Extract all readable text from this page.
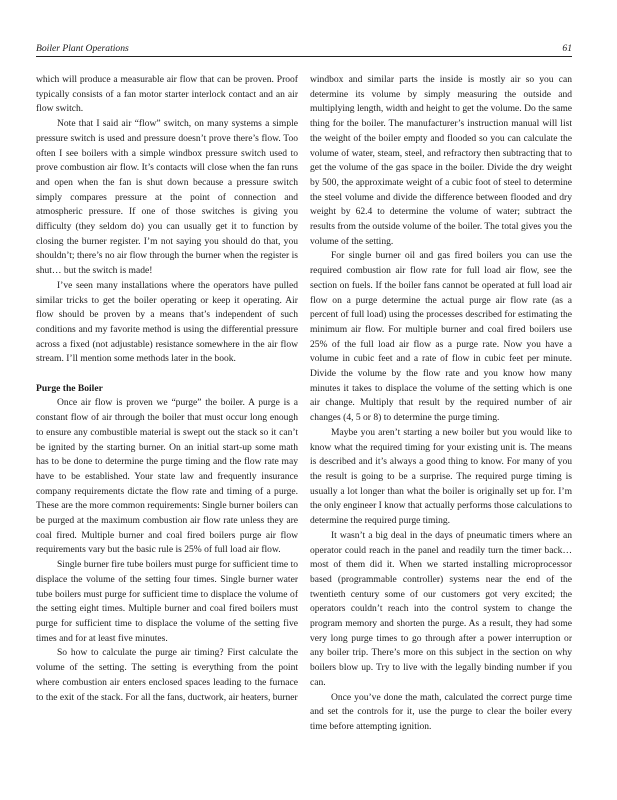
Boiler Plant Operations	61

which will produce a measurable air flow that can be proven. Proof typically consists of a fan motor starter interlock contact and an air flow switch.

Note that I said air “flow” switch, on many systems a simple pressure switch is used and pressure doesn’t prove there’s flow. Too often I see boilers with a simple windbox pressure switch used to prove combustion air flow. It’s contacts will close when the fan runs and open when the fan is shut down because a pressure switch simply compares pressure at the point of connection and atmospheric pressure. If one of those switches is giving you difficulty (they seldom do) you can usually get it to function by closing the burner register. I’m not saying you should do that, you shouldn’t; there’s no air flow through the burner when the register is shut… but the switch is made!

I’ve seen many installations where the operators have pulled similar tricks to get the boiler operating or keep it operating. Air flow should be proven by a means that’s independent of such conditions and my favorite method is using the differential pressure across a fixed (not adjustable) resistance somewhere in the air flow stream. I’ll mention some methods later in the book.

Purge the Boiler

Once air flow is proven we “purge” the boiler. A purge is a constant flow of air through the boiler that must occur long enough to ensure any combustible material is swept out the stack so it can’t be ignited by the starting burner. On an initial start-up some math has to be done to determine the purge timing and the flow rate may have to be established. Your state law and frequently insurance company requirements dictate the flow rate and timing of a purge. These are the more common requirements: Single burner boilers can be purged at the maximum combustion air flow rate unless they are coal fired. Multiple burner and coal fired boilers purge air flow requirements vary but the basic rule is 25% of full load air flow.

Single burner fire tube boilers must purge for sufficient time to displace the volume of the setting four times. Single burner water tube boilers must purge for sufficient time to displace the volume of the setting eight times. Multiple burner and coal fired boilers must purge for sufficient time to displace the volume of the setting five times and for at least five minutes.

So how to calculate the purge air timing? First calculate the volume of the setting. The setting is everything from the point where combustion air enters enclosed spaces leading to the furnace to the exit of the stack. For all the fans, ductwork, air heaters, burner

windbox and similar parts the inside is mostly air so you can determine its volume by simply measuring the outside and multiplying length, width and height to get the volume. Do the same thing for the boiler. The manufacturer’s instruction manual will list the weight of the boiler empty and flooded so you can calculate the volume of water, steam, steel, and refractory then subtracting that to get the volume of the gas space in the boiler. Divide the dry weight by 500, the approximate weight of a cubic foot of steel to determine the steel volume and divide the difference between flooded and dry weight by 62.4 to determine the volume of water; subtract the results from the outside volume of the boiler. The total gives you the volume of the setting.

For single burner oil and gas fired boilers you can use the required combustion air flow rate for full load air flow, see the section on fuels. If the boiler fans cannot be operated at full load air flow on a purge determine the actual purge air flow rate (as a percent of full load) using the processes described for estimating the minimum air flow. For multiple burner and coal fired boilers use 25% of the full load air flow as a purge rate. Now you have a volume in cubic feet and a rate of flow in cubic feet per minute. Divide the volume by the flow rate and you know how many minutes it takes to displace the volume of the setting which is one air change. Multiply that result by the required number of air changes (4, 5 or 8) to determine the purge timing.

Maybe you aren’t starting a new boiler but you would like to know what the required timing for your existing unit is. The means is described and it’s always a good thing to know. For many of you the result is going to be a surprise. The required purge timing is usually a lot longer than what the boiler is originally set up for. I’m the only engineer I know that actually performs those calculations to determine the required purge timing.

It wasn’t a big deal in the days of pneumatic timers where an operator could reach in the panel and readily turn the timer back… most of them did it. When we started installing microprocessor based (programmable controller) systems near the end of the twentieth century some of our customers got very excited; the operators couldn’t reach into the control system to change the program memory and shorten the purge. As a result, they had some very long purge times to go through after a power interruption or any boiler trip. There’s more on this subject in the section on why boilers blow up. Try to live with the legally binding number if you can.

Once you’ve done the math, calculated the correct purge time and set the controls for it, use the purge to clear the boiler every time before attempting ignition.
